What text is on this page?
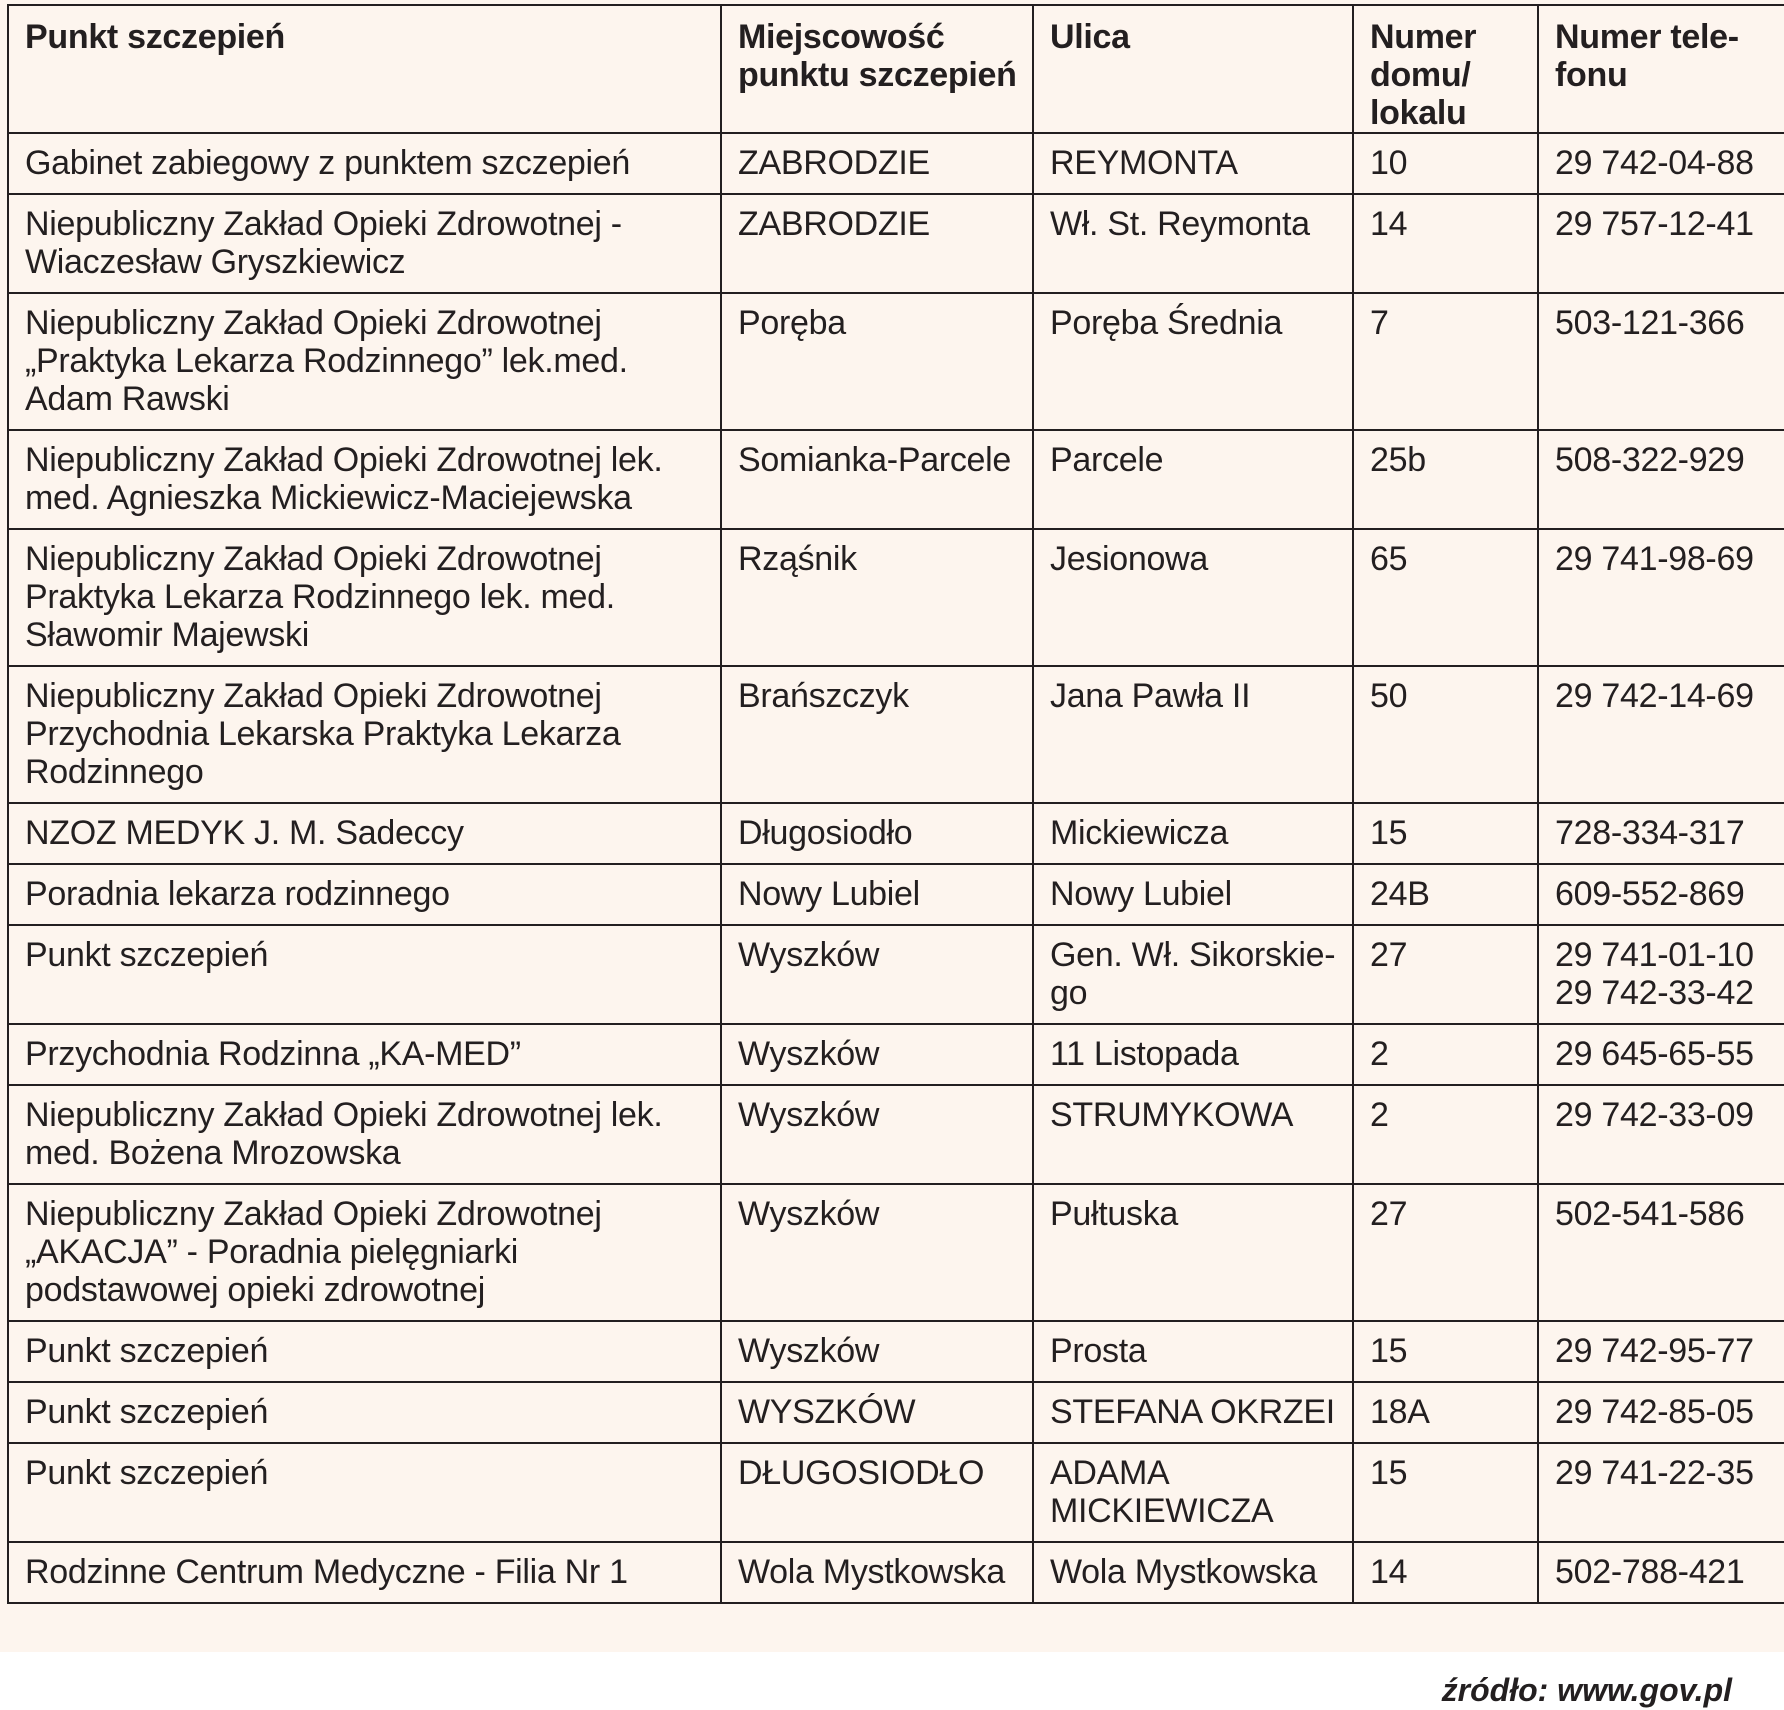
Punkt szczepień	Miejscowość punktu szczepień	Ulica	Numer domu/ lokalu	Numer tele-fonu
Gabinet zabiegowy z punktem szczepień	ZABRODZIE	REYMONTA	10	29 742-04-88
Niepubliczny Zakład Opieki Zdrowotnej - Wiaczesław Gryszkiewicz	ZABRODZIE	Wł. St. Reymonta	14	29 757-12-41
Niepubliczny Zakład Opieki Zdrowotnej „Praktyka Lekarza Rodzinnego” lek.med. Adam Rawski	Poręba	Poręba Średnia	7	503-121-366
Niepubliczny Zakład Opieki Zdrowotnej lek. med. Agnieszka Mickiewicz-Maciejewska	Somianka-Parcele	Parcele	25b	508-322-929
Niepubliczny Zakład Opieki Zdrowotnej Praktyka Lekarza Rodzinnego lek. med. Sławomir Majewski	Rząśnik	Jesionowa	65	29 741-98-69
Niepubliczny Zakład Opieki Zdrowotnej Przychodnia Lekarska Praktyka Lekarza Rodzinnego	Brańszczyk	Jana Pawła II	50	29 742-14-69
NZOZ MEDYK J. M. Sadeccy	Długosiodło	Mickiewicza	15	728-334-317
Poradnia lekarza rodzinnego	Nowy Lubiel	Nowy Lubiel	24B	609-552-869
Punkt szczepień	Wyszków	Gen. Wł. Sikorskie-go	27	29 741-01-10 29 742-33-42
Przychodnia Rodzinna „KA-MED”	Wyszków	11 Listopada	2	29 645-65-55
Niepubliczny Zakład Opieki Zdrowotnej lek. med. Bożena Mrozowska	Wyszków	STRUMYKOWA	2	29 742-33-09
Niepubliczny Zakład Opieki Zdrowotnej „AKACJA” - Poradnia pielęgniarki podstawowej opieki zdrowotnej	Wyszków	Pułtuska	27	502-541-586
Punkt szczepień	Wyszków	Prosta	15	29 742-95-77
Punkt szczepień	WYSZKÓW	STEFANA OKRZEI	18A	29 742-85-05
Punkt szczepień	DŁUGOSIODŁO	ADAMA MICKIEWICZA	15	29 741-22-35
Rodzinne Centrum Medyczne - Filia Nr 1	Wola Mystkowska	Wola Mystkowska	14	502-788-421
źródło: www.gov.pl
